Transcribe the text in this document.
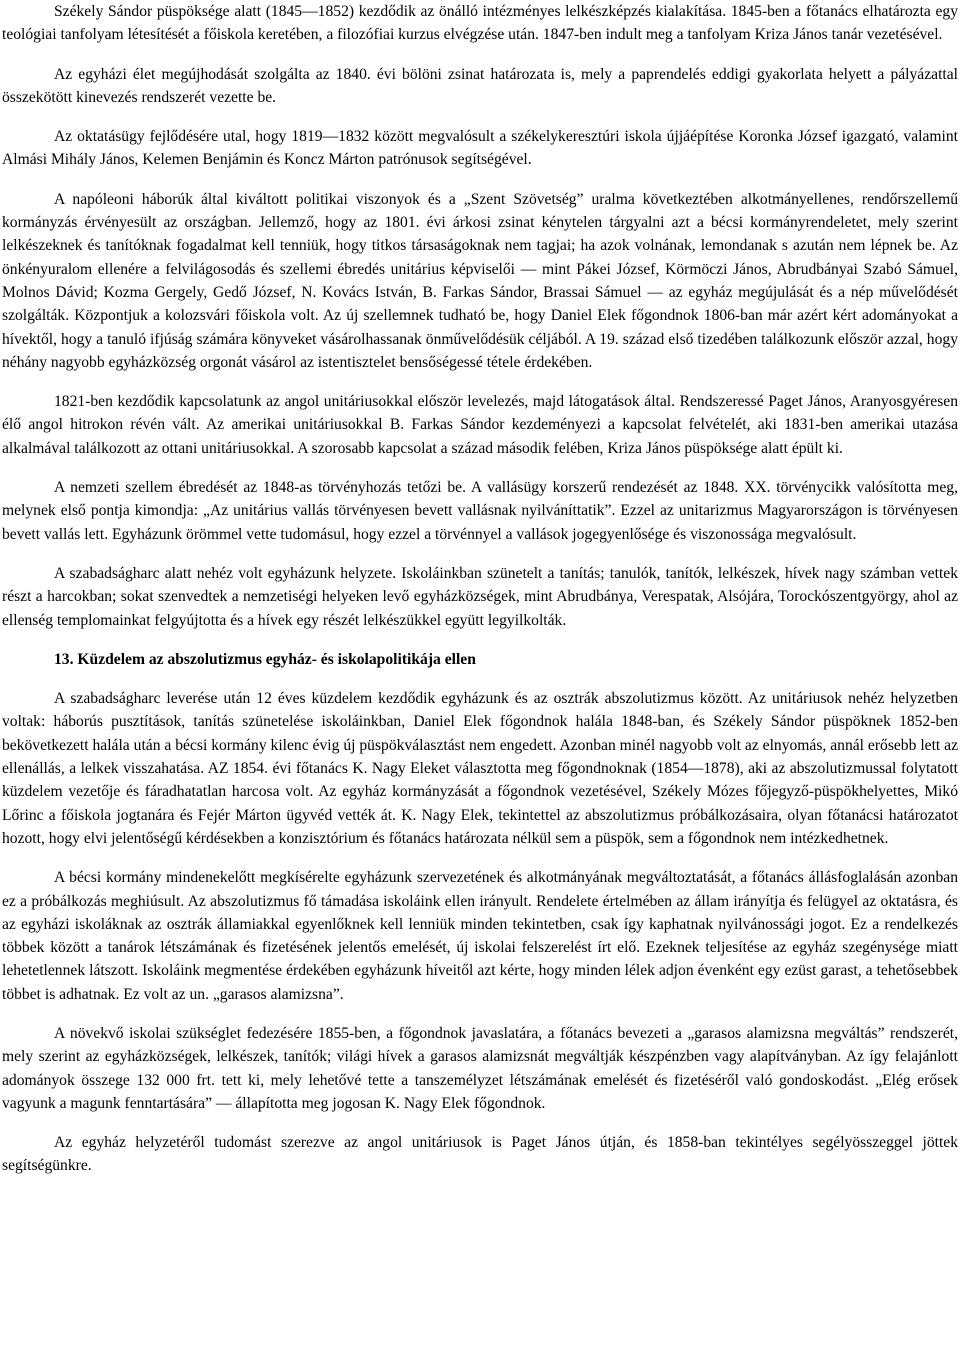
Székely Sándor püspöksége alatt (1845—1852) kezdődik az önálló intézményes lelkészképzés kialakítása. 1845-ben a főtanács elhatározta egy teológiai tanfolyam létesítését a főiskola keretében, a filozófiai kurzus elvégzése után. 1847-ben indult meg a tanfolyam Kriza János tanár vezetésével.

Az egyházi élet megújhodását szolgálta az 1840. évi bölöni zsinat határozata is, mely a paprendelés eddigi gyakorlata helyett a pályázattal összekötött kinevezés rendszerét vezette be.

Az oktatásügy fejlődésére utal, hogy 1819—1832 között megvalósult a székelykeresztúri iskola újjáépítése Koronka József igazgató, valamint Almási Mihály János, Kelemen Benjámin és Koncz Márton patrónusok segítségével.

A napóleoni háborúk által kiváltott politikai viszonyok és a „Szent Szövetség” uralma következtében alkotmányellenes, rendőrszellemű kormányzás érvényesült az országban. Jellemző, hogy az 1801. évi árkosi zsinat kénytelen tárgyalni azt a bécsi kormányrendeletet, mely szerint lelkészeknek és tanítóknak fogadalmat kell tenniük, hogy titkos társaságoknak nem tagjai; ha azok volnának, lemondanak s azután nem lépnek be. Az önkényuralom ellenére a felvilágosodás és szellemi ébredés unitárius képviselői — mint Pákei József, Körmöczi János, Abrudbányai Szabó Sámuel, Molnos Dávid; Kozma Gergely, Gedő József, N. Kovács István, B. Farkas Sándor, Brassai Sámuel — az egyház megújulását és a nép művelődését szolgálták. Központjuk a kolozsvári főiskola volt. Az új szellemnek tudható be, hogy Daniel Elek főgondnok 1806-ban már azért kért adományokat a hívektől, hogy a tanuló ifjúság számára könyveket vásárolhassanak önművelődésük céljából. A 19. század első tizedében találkozunk először azzal, hogy néhány nagyobb egyházközség orgonát vásárol az istentisztelet bensőségessé tétele érdekében.

1821-ben kezdődik kapcsolatunk az angol unitáriusokkal először levelezés, majd látogatások által. Rendszeressé Paget János, Aranyosgyéresen élő angol hitrokon révén vált. Az amerikai unitáriusokkal B. Farkas Sándor kezdeményezi a kapcsolat felvételét, aki 1831-ben amerikai utazása alkalmával találkozott az ottani unitáriusokkal. A szorosabb kapcsolat a század második felében, Kriza János püspöksége alatt épült ki.

A nemzeti szellem ébredését az 1848-as törvényhozás tetőzi be. A vallásügy korszerű rendezését az 1848. XX. törvénycikk valósította meg, melynek első pontja kimondja: „Az unitárius vallás törvényesen bevett vallásnak nyilváníttatik”. Ezzel az unitarizmus Magyarországon is törvényesen bevett vallás lett. Egyházunk örömmel vette tudomásul, hogy ezzel a törvénnyel a vallások jogegyenlősége és viszonossága megvalósult.

A szabadságharc alatt nehéz volt egyházunk helyzete. Iskoláinkban szünetelt a tanítás; tanulók, tanítók, lelkészek, hívek nagy számban vettek részt a harcokban; sokat szenvedtek a nemzetiségi helyeken levő egyházközségek, mint Abrudbánya, Verespatak, Alsójára, Torockószentgyörgy, ahol az ellenség templomainkat felgyújtotta és a hívek egy részét lelkészükkel együtt legyilkolták.

13. Küzdelem az abszolutizmus egyház- és iskolapolitikája ellen

A szabadságharc leverése után 12 éves küzdelem kezdődik egyházunk és az osztrák abszolutizmus között. Az unitáriusok nehéz helyzetben voltak: háborús pusztítások, tanítás szünetelése iskoláinkban, Daniel Elek főgondnok halála 1848-ban, és Székely Sándor püspöknek 1852-ben bekövetkezett halála után a bécsi kormány kilenc évig új püspökválasztást nem engedett. Azonban minél nagyobb volt az elnyomás, annál erősebb lett az ellenállás, a lelkek visszahatása. AZ 1854. évi főtanács K. Nagy Eleket választotta meg főgondnoknak (1854—1878), aki az abszolutizmussal folytatott küzdelem vezetője és fáradhatatlan harcosa volt. Az egyház kormányzását a főgondnok vezetésével, Székely Mózes főjegyző-püspökhelyettes, Mikó Lőrinc a főiskola jogtanára és Fejér Márton ügyvéd vették át. K. Nagy Elek, tekintettel az abszolutizmus próbálkozásaira, olyan főtanácsi határozatot hozott, hogy elvi jelentőségű kérdésekben a konzisztórium és főtanács határozata nélkül sem a püspök, sem a főgondnok nem intézkedhetnek.

A bécsi kormány mindenekelőtt megkísérelte egyházunk szervezetének és alkotmányának megváltoztatását, a főtanács állásfoglalásán azonban ez a próbálkozás meghiúsult. Az abszolutizmus fő támadása iskoláink ellen irányult. Rendelete értelmében az állam irányítja és felügyel az oktatásra, és az egyházi iskoláknak az osztrák államiakkal egyenlőknek kell lenniük minden tekintetben, csak így kaphatnak nyilvánossági jogot. Ez a rendelkezés többek között a tanárok létszámának és fizetésének jelentős emelését, új iskolai felszerelést írt elő. Ezeknek teljesítése az egyház szegénysége miatt lehetetlennek látszott. Iskoláink megmentése érdekében egyházunk híveitől azt kérte, hogy minden lélek adjon évenként egy ezüst garast, a tehetősebbek többet is adhatnak. Ez volt az un. „garasos alamizsna”.

A növekvő iskolai szükséglet fedezésére 1855-ben, a főgondnok javaslatára, a főtanács bevezeti a „garasos alamizsna megváltás” rendszerét, mely szerint az egyházközségek, lelkészek, tanítók; világi hívek a garasos alamizsnát megváltják készpénzben vagy alapítványban. Az így felajánlott adományok összege 132 000 frt. tett ki, mely lehetővé tette a tanszemélyzet létszámának emelését és fizetéséről való gondoskodást. „Elég erősek vagyunk a magunk fenntartására” — állapította meg jogosan K. Nagy Elek főgondnok.

Az egyház helyzetéről tudomást szerezve az angol unitáriusok is Paget János útján, és 1858-ban tekintélyes segélyösszeggel jöttek segítségünkre.
